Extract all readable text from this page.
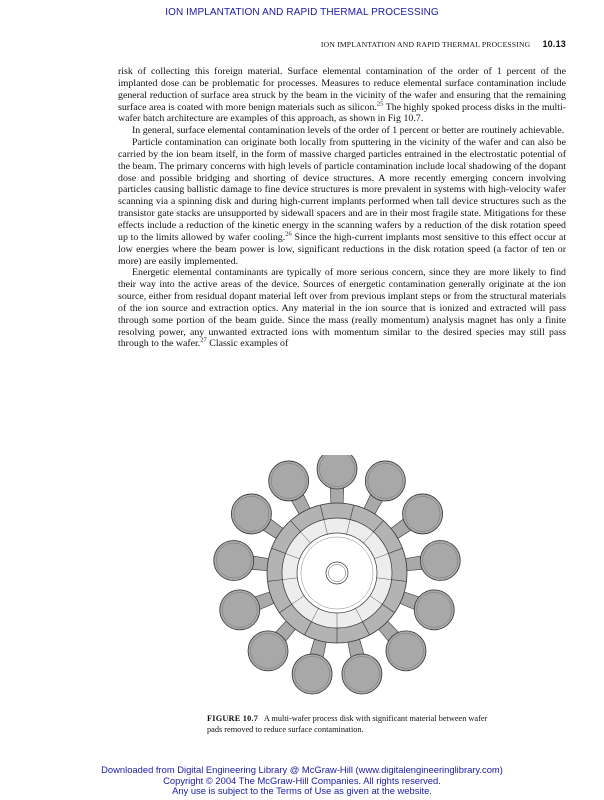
ION IMPLANTATION AND RAPID THERMAL PROCESSING
ION IMPLANTATION AND RAPID THERMAL PROCESSING 10.13

risk of collecting this foreign material. Surface elemental contamination of the order of 1 percent of the implanted dose can be problematic for processes. Measures to reduce elemental surface contamination include general reduction of surface area struck by the beam in the vicinity of the wafer and ensuring that the remaining surface area is coated with more benign materials such as silicon.$^{25}$ The highly spoked process disks in the multi-wafer batch architecture are examples of this approach, as shown in Fig 10.7.

In general, surface elemental contamination levels of the order of 1 percent or better are routinely achievable.

Particle contamination can originate both locally from sputtering in the vicinity of the wafer and can also be carried by the ion beam itself, in the form of massive charged particles entrained in the electrostatic potential of the beam. The primary concerns with high levels of particle contamination include local shadowing of the dopant dose and possible bridging and shorting of device structures. A more recently emerging concern involving particles causing ballistic damage to fine device structures is more prevalent in systems with high-velocity wafer scanning via a spinning disk and during high-current implants performed when tall device structures such as the transistor gate stacks are unsupported by sidewall spacers and are in their most fragile state. Mitigations for these effects include a reduction of the kinetic energy in the scanning wafers by a reduction of the disk rotation speed up to the limits allowed by wafer cooling.$^{26}$ Since the high-current implants most sensitive to this effect occur at low energies where the beam power is low, significant reductions in the disk rotation speed (a factor of ten or more) are easily implemented.

Energetic elemental contaminants are typically of more serious concern, since they are more likely to find their way into the active areas of the device. Sources of energetic contamination generally originate at the ion source, either from residual dopant material left over from previous implant steps or from the structural materials of the ion source and extraction optics. Any material in the ion source that is ionized and extracted will pass through some portion of the beam guide. Since the mass (really momentum) analysis magnet has only a finite resolving power, any unwanted extracted ions with momentum similar to the desired species may still pass through to the wafer.$^{27}$ Classic examples of

FIGURE 10.7 A multi-wafer process disk with significant material between wafer pads removed to reduce surface contamination.
Downloaded from Digital Engineering Library @ McGraw-Hill (www.digitalengineeringlibrary.com)
Copyright © 2004 The McGraw-Hill Companies. All rights reserved.
Any use is subject to the Terms of Use as given at the website.
